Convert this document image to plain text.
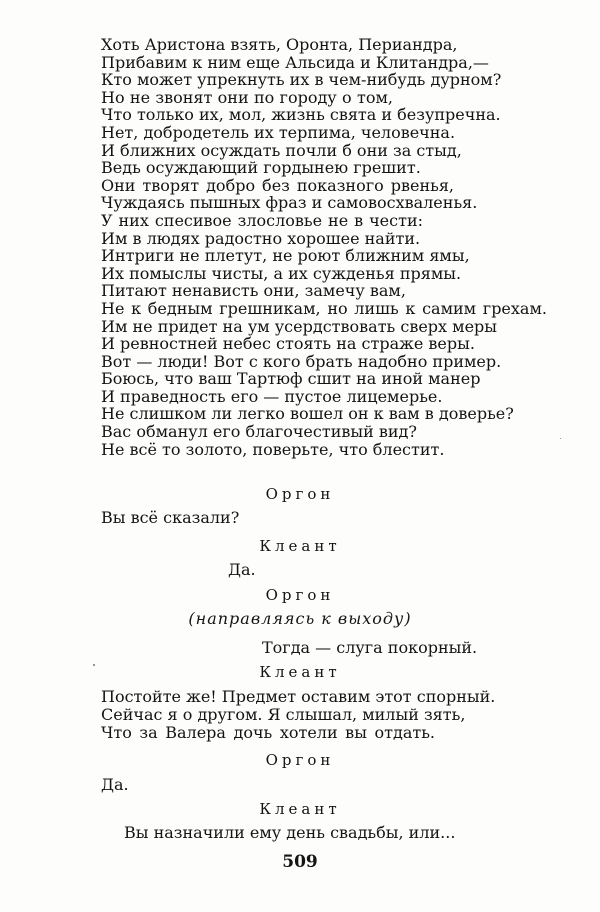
Хоть Аристона взять, Оронта, Периандра,
Прибавим к ним еще Альсида и Клитандра,—
Кто может упрекнуть их в чем-нибудь дурном?
Но не звонят они по городу о том,
Что только их, мол, жизнь свята и безупречна.
Нет, добродетель их терпима, человечна.
И ближних осуждать почли б они за стыд,
Ведь осуждающий гордынею грешит.
Они творят добро без показного рвенья,
Чуждаясь пышных фраз и самовосхваленья.
У них спесивое злословье не в чести:
Им в людях радостно хорошее найти.
Интриги не плетут, не роют ближним ямы,
Их помыслы чисты, а их сужденья прямы.
Питают ненависть они, замечу вам,
Не к бедным грешникам, но лишь к самим грехам.
Им не придет на ум усердствовать сверх меры
И ревностней небес стоять на страже веры.
Вот — люди! Вот с кого брать надобно пример.
Боюсь, что ваш Тартюф сшит на иной манер
И праведность его — пустое лицемерье.
Не слишком ли легко вошел он к вам в доверье?
Вас обманул его благочестивый вид?
Не всё то золото, поверьте, что блестит.
Оргон
Вы всё сказали?
Клеант
Да.
Оргон
(направляясь к выходу)
Тогда — слуга покорный.
Клеант
Постойте же! Предмет оставим этот спорный.
Сейчас я о другом. Я слышал, милый зять,
Что за Валера дочь хотели вы отдать.
Оргон
Да.
Клеант
Вы назначили ему день свадьбы, или...
509
